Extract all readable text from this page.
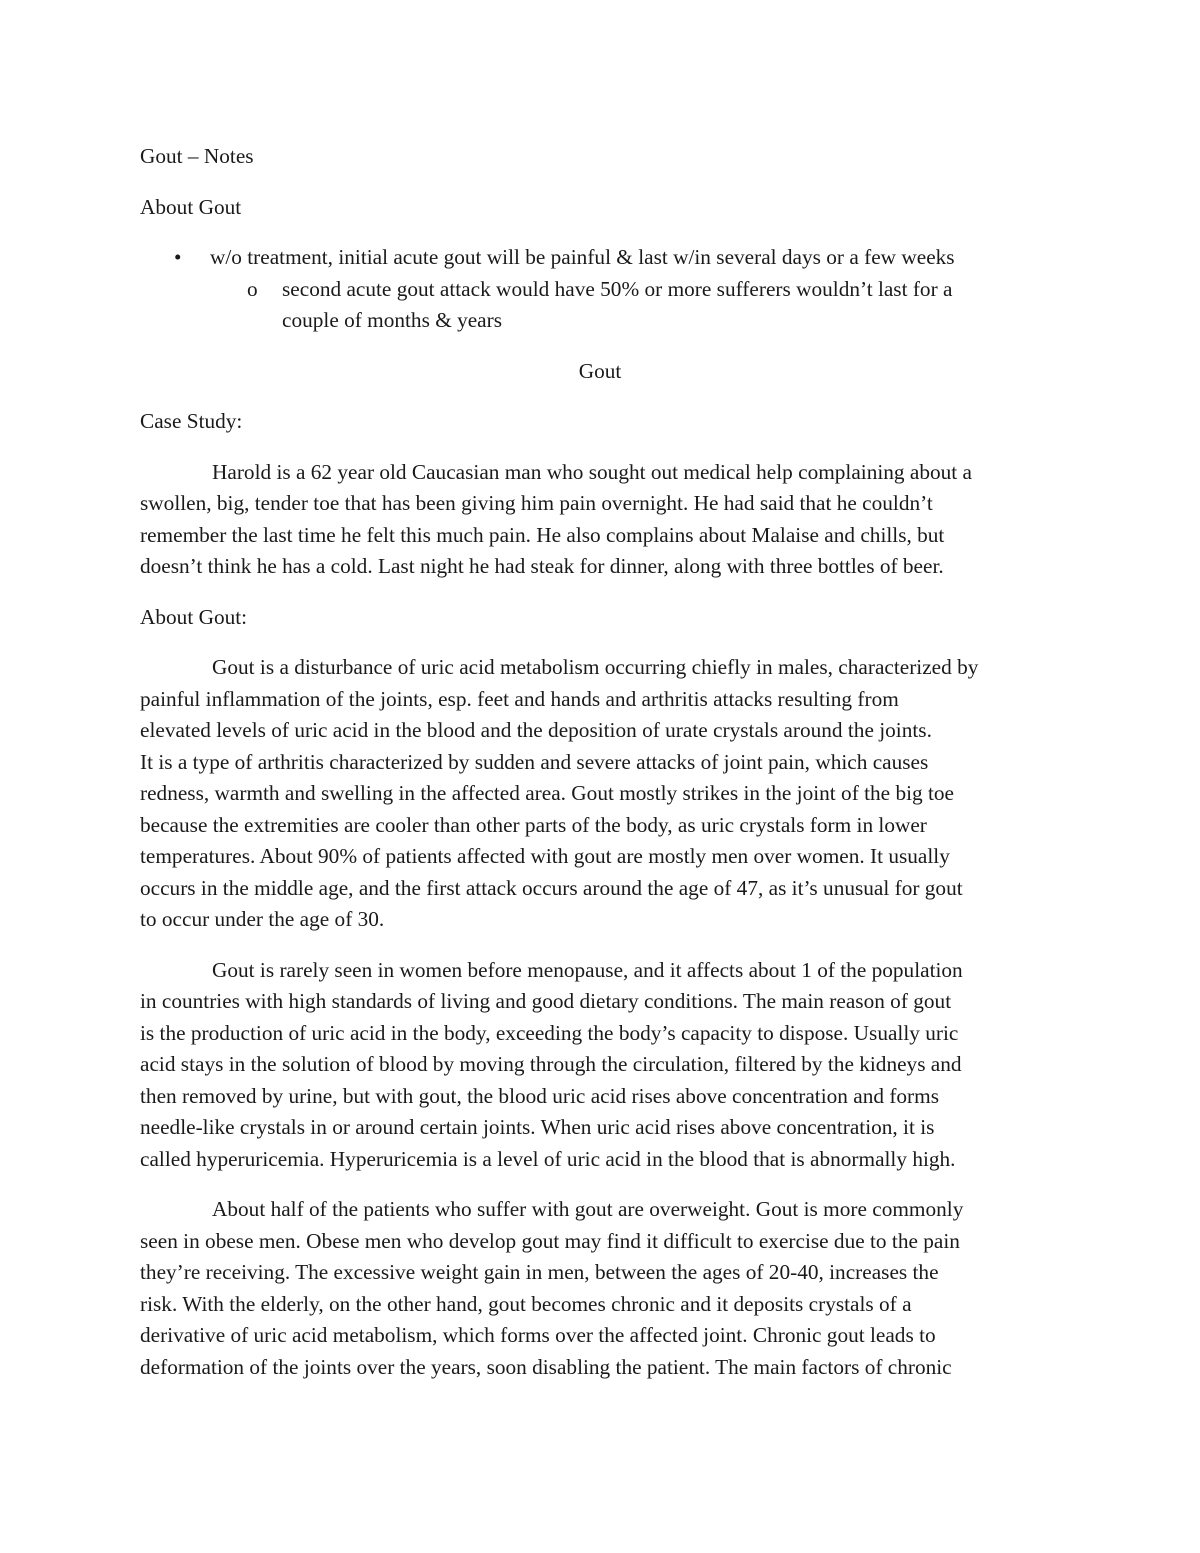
Gout – Notes

About Gout

• w/o treatment, initial acute gout will be painful & last w/in several days or a few weeks
o second acute gout attack would have 50% or more sufferers wouldn’t last for a
couple of months & years

Gout

Case Study:

Harold is a 62 year old Caucasian man who sought out medical help complaining about a
swollen, big, tender toe that has been giving him pain overnight. He had said that he couldn’t
remember the last time he felt this much pain. He also complains about Malaise and chills, but
doesn’t think he has a cold. Last night he had steak for dinner, along with three bottles of beer.

About Gout:

Gout is a disturbance of uric acid metabolism occurring chiefly in males, characterized by
painful inflammation of the joints, esp. feet and hands and arthritis attacks resulting from
elevated levels of uric acid in the blood and the deposition of urate crystals around the joints.
It is a type of arthritis characterized by sudden and severe attacks of joint pain, which causes
redness, warmth and swelling in the affected area. Gout mostly strikes in the joint of the big toe
because the extremities are cooler than other parts of the body, as uric crystals form in lower
temperatures. About 90% of patients affected with gout are mostly men over women. It usually
occurs in the middle age, and the first attack occurs around the age of 47, as it’s unusual for gout
to occur under the age of 30.
Gout is rarely seen in women before menopause, and it affects about 1 of the population
in countries with high standards of living and good dietary conditions. The main reason of gout
is the production of uric acid in the body, exceeding the body’s capacity to dispose. Usually uric
acid stays in the solution of blood by moving through the circulation, filtered by the kidneys and
then removed by urine, but with gout, the blood uric acid rises above concentration and forms
needle-like crystals in or around certain joints. When uric acid rises above concentration, it is
called hyperuricemia. Hyperuricemia is a level of uric acid in the blood that is abnormally high.
About half of the patients who suffer with gout are overweight. Gout is more commonly
seen in obese men. Obese men who develop gout may find it difficult to exercise due to the pain
they’re receiving. The excessive weight gain in men, between the ages of 20-40, increases the
risk. With the elderly, on the other hand, gout becomes chronic and it deposits crystals of a
derivative of uric acid metabolism, which forms over the affected joint. Chronic gout leads to
deformation of the joints over the years, soon disabling the patient. The main factors of chronic
